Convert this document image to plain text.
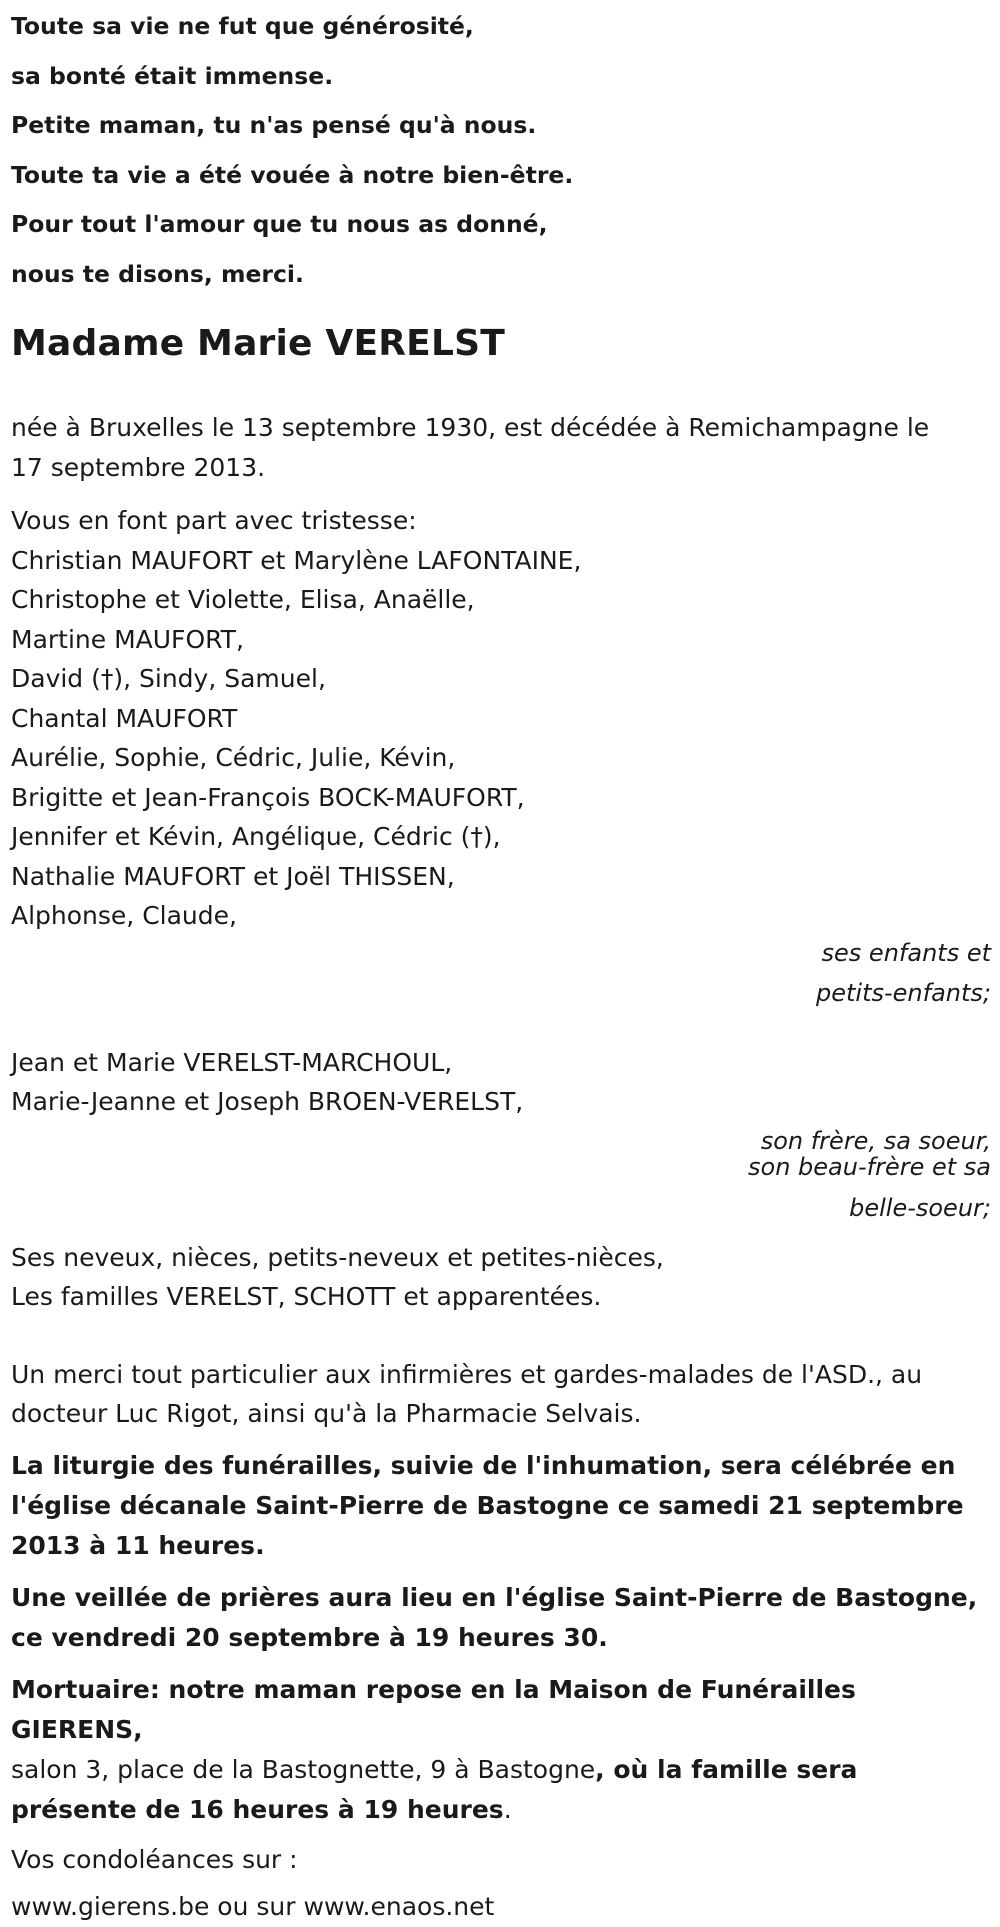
Toute sa vie ne fut que générosité,
sa bonté était immense.
Petite maman, tu n'as pensé qu'à nous.
Toute ta vie a été vouée à notre bien-être.
Pour tout l'amour que tu nous as donné,
nous te disons, merci.
Madame Marie VERELST
née à Bruxelles le 13 septembre 1930, est décédée à Remichampagne le
17 septembre 2013.
Vous en font part avec tristesse:
Christian MAUFORT et Marylène LAFONTAINE,
Christophe et Violette, Elisa, Anaëlle,
Martine MAUFORT,
David (†), Sindy, Samuel,
Chantal MAUFORT
Aurélie, Sophie, Cédric, Julie, Kévin,
Brigitte et Jean-François BOCK-MAUFORT,
Jennifer et Kévin, Angélique, Cédric (†),
Nathalie MAUFORT et Joël THISSEN,
Alphonse, Claude,
ses enfants et
petits-enfants;
Jean et Marie VERELST-MARCHOUL,
Marie-Jeanne et Joseph BROEN-VERELST,
son frère, sa soeur,
son beau-frère et sa
belle-soeur;
Ses neveux, nièces, petits-neveux et petites-nièces,
Les familles VERELST, SCHOTT et apparentées.
Un merci tout particulier aux infirmières et gardes-malades de l'ASD., au
docteur Luc Rigot, ainsi qu'à la Pharmacie Selvais.
La liturgie des funérailles, suivie de l'inhumation, sera célébrée en
l'église décanale Saint-Pierre de Bastogne ce samedi 21 septembre
2013 à 11 heures.
Une veillée de prières aura lieu en l'église Saint-Pierre de Bastogne,
ce vendredi 20 septembre à 19 heures 30.
Mortuaire: notre maman repose en la Maison de Funérailles GIERENS,
salon 3, place de la Bastognette, 9 à Bastogne, où la famille sera
présente de 16 heures à 19 heures.
Vos condoléances sur :
www.gierens.be ou sur www.enaos.net
